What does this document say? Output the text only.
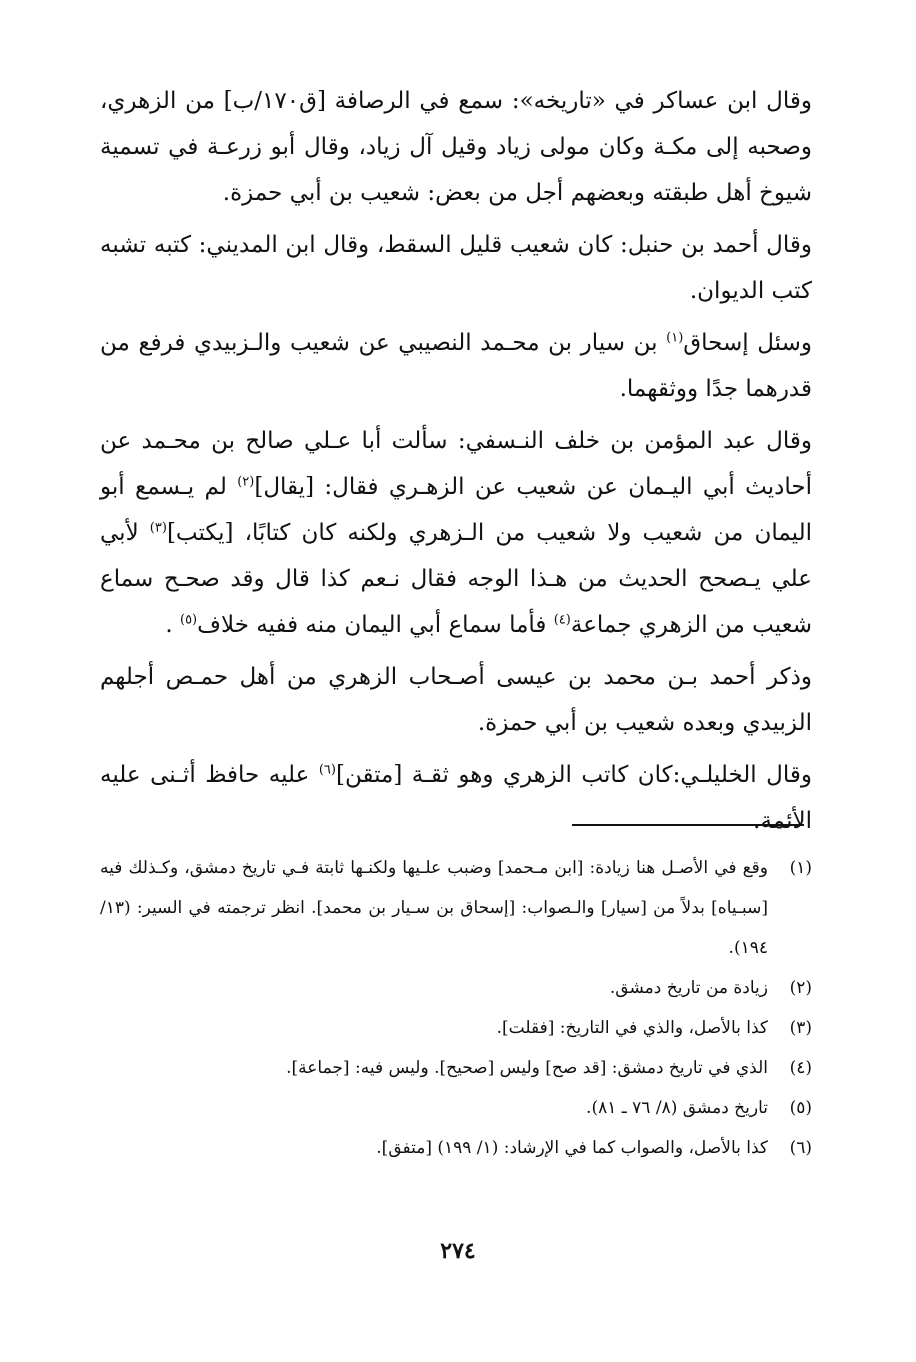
وقال ابن عساكر في «تاريخه»: سمع في الرصافة [ق١٧٠/ب] من الزهري، وصحبه إلى مكـة وكان مولى زياد وقيل آل زياد، وقال أبو زرعـة في تسمية شيوخ أهل طبقته وبعضهم أجل من بعض: شعيب بن أبي حمزة.

وقال أحمد بن حنبل: كان شعيب قليل السقط، وقال ابن المديني: كتبه تشبه كتب الديوان.

وسئل إسحاق$^{(١)}$ بن سيار بن محـمد النصيبي عن شعيب والـزبيدي فرفع من قدرهما جدًا ووثقهما.

وقال عبد المؤمن بن خلف النـسفي: سألت أبا عـلي صالح بن محـمد عن أحاديث أبي اليـمان عن شعيب عن الزهـري فقال: [يقال]$^{(٢)}$ لم يـسمع أبو اليمان من شعيب ولا شعيب من الـزهري ولكنه كان كتابًا، [يكتب]$^{(٣)}$ لأبي علي يـصحح الحديث من هـذا الوجه فقال نـعم كذا قال وقد صحـح سماع شعيب من الزهري جماعة$^{(٤)}$ فأما سماع أبي اليمان منه ففيه خلاف$^{(٥)}$ .

وذكر أحمد بـن محمد بن عيسى أصـحاب الزهري من أهل حمـص أجلهم الزبيدي وبعده شعيب بن أبي حمزة.

وقال الخليلـي:كان كاتب الزهري وهو ثقـة [متقن]$^{(٦)}$ عليه حافظ أثـنى عليه الأئمة.

(١)
وقع في الأصـل هنا زيادة: [ابن مـحمد] وضبب علـيها ولكنـها ثابتة فـي تاريخ دمشق، وكـذلك فيه [سبـياه] بدلاً من [سيار] والـصواب: [إسحاق بن سـيار بن محمد]. انظر ترجمته في السير: (١٣/ ١٩٤).
(٢)
زيادة من تاريخ دمشق.
(٣)
كذا بالأصل، والذي في التاريخ: [فقلت].
(٤)
الذي في تاريخ دمشق: [قد صح] وليس [صحيح]. وليس فيه: [جماعة].
(٥)
تاريخ دمشق (٨/ ٧٦ ـ ٨١).
(٦)
كذا بالأصل، والصواب كما في الإرشاد: (١/ ١٩٩) [متفق].
٢٧٤
